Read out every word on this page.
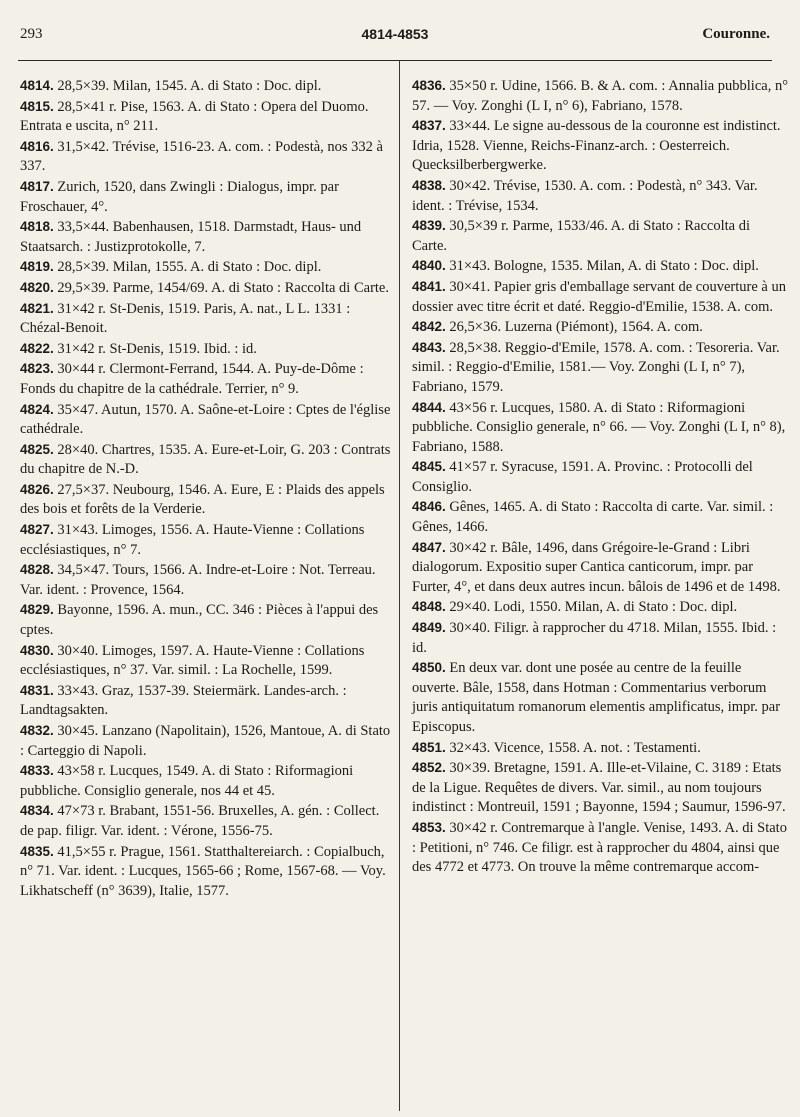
293	4814-4853	Couronne.
4814. 28,5×39. Milan, 1545. A. di Stato : Doc. dipl.
4815. 28,5×41 r. Pise, 1563. A. di Stato : Opera del Duomo. Entrata e uscita, n° 211.
4816. 31,5×42. Trévise, 1516-23. A. com. : Podestà, nos 332 à 337.
4817. Zurich, 1520, dans Zwingli : Dialogus, impr. par Froschauer, 4°.
4818. 33,5×44. Babenhausen, 1518. Darmstadt, Haus- und Staatsarch. : Justizprotokolle, 7.
4819. 28,5×39. Milan, 1555. A. di Stato : Doc. dipl.
4820. 29,5×39. Parme, 1454/69. A. di Stato : Raccolta di Carte.
4821. 31×42 r. St-Denis, 1519. Paris, A. nat., L L. 1331 : Chézal-Benoit.
4822. 31×42 r. St-Denis, 1519. Ibid. : id.
4823. 30×44 r. Clermont-Ferrand, 1544. A. Puy-de-Dôme : Fonds du chapitre de la cathédrale. Terrier, n° 9.
4824. 35×47. Autun, 1570. A. Saône-et-Loire : Cptes de l'église cathédrale.
4825. 28×40. Chartres, 1535. A. Eure-et-Loir, G. 203 : Contrats du chapitre de N.-D.
4826. 27,5×37. Neubourg, 1546. A. Eure, E : Plaids des appels des bois et forêts de la Verderie.
4827. 31×43. Limoges, 1556. A. Haute-Vienne : Collations ecclésiastiques, n° 7.
4828. 34,5×47. Tours, 1566. A. Indre-et-Loire : Not. Terreau. Var. ident. : Provence, 1564.
4829. Bayonne, 1596. A. mun., CC. 346 : Pièces à l'appui des cptes.
4830. 30×40. Limoges, 1597. A. Haute-Vienne : Collations ecclésiastiques, n° 37. Var. simil. : La Rochelle, 1599.
4831. 33×43. Graz, 1537-39. Steiermärk. Landes-arch. : Landtagsakten.
4832. 30×45. Lanzano (Napolitain), 1526, Mantoue, A. di Stato : Carteggio di Napoli.
4833. 43×58 r. Lucques, 1549. A. di Stato : Riformagioni pubbliche. Consiglio generale, nos 44 et 45.
4834. 47×73 r. Brabant, 1551-56. Bruxelles, A. gén. : Collect. de pap. filigr. Var. ident. : Vérone, 1556-75.
4835. 41,5×55 r. Prague, 1561. Statthaltereiarch. : Copialbuch, n° 71. Var. ident. : Lucques, 1565-66 ; Rome, 1567-68. — Voy. Likhatscheff (n° 3639), Italie, 1577.
4836. 35×50 r. Udine, 1566. B. & A. com. : Annalia pubblica, n° 57. — Voy. Zonghi (L I, n° 6), Fabriano, 1578.
4837. 33×44. Le signe au-dessous de la couronne est indistinct. Idria, 1528. Vienne, Reichs-Finanz-arch. : Oesterreich. Quecksilberbergwerke.
4838. 30×42. Trévise, 1530. A. com. : Podestà, n° 343. Var. ident. : Trévise, 1534.
4839. 30,5×39 r. Parme, 1533/46. A. di Stato : Raccolta di Carte.
4840. 31×43. Bologne, 1535. Milan, A. di Stato : Doc. dipl.
4841. 30×41. Papier gris d'emballage servant de couverture à un dossier avec titre écrit et daté. Reggio-d'Emilie, 1538. A. com.
4842. 26,5×36. Luzerna (Piémont), 1564. A. com.
4843. 28,5×38. Reggio-d'Emile, 1578. A. com. : Tesoreria. Var. simil. : Reggio-d'Emilie, 1581.— Voy. Zonghi (L I, n° 7), Fabriano, 1579.
4844. 43×56 r. Lucques, 1580. A. di Stato : Riformagioni pubbliche. Consiglio generale, n° 66. — Voy. Zonghi (L I, n° 8), Fabriano, 1588.
4845. 41×57 r. Syracuse, 1591. A. Provinc. : Protocolli del Consiglio.
4846. Gênes, 1465. A. di Stato : Raccolta di carte. Var. simil. : Gênes, 1466.
4847. 30×42 r. Bâle, 1496, dans Grégoire-le-Grand : Libri dialogorum. Expositio super Cantica canticorum, impr. par Furter, 4°, et dans deux autres incun. bâlois de 1496 et de 1498.
4848. 29×40. Lodi, 1550. Milan, A. di Stato : Doc. dipl.
4849. 30×40. Filigr. à rapprocher du 4718. Milan, 1555. Ibid. : id.
4850. En deux var. dont une posée au centre de la feuille ouverte. Bâle, 1558, dans Hotman : Commentarius verborum juris antiquitatum romanorum elementis amplificatus, impr. par Episcopus.
4851. 32×43. Vicence, 1558. A. not. : Testamenti.
4852. 30×39. Bretagne, 1591. A. Ille-et-Vilaine, C. 3189 : Etats de la Ligue. Requêtes de divers. Var. simil., au nom toujours indistinct : Montreuil, 1591 ; Bayonne, 1594 ; Saumur, 1596-97.
4853. 30×42 r. Contremarque à l'angle. Venise, 1493. A. di Stato : Petitioni, n° 746. Ce filigr. est à rapprocher du 4804, ainsi que des 4772 et 4773. On trouve la même contremarque accom-
